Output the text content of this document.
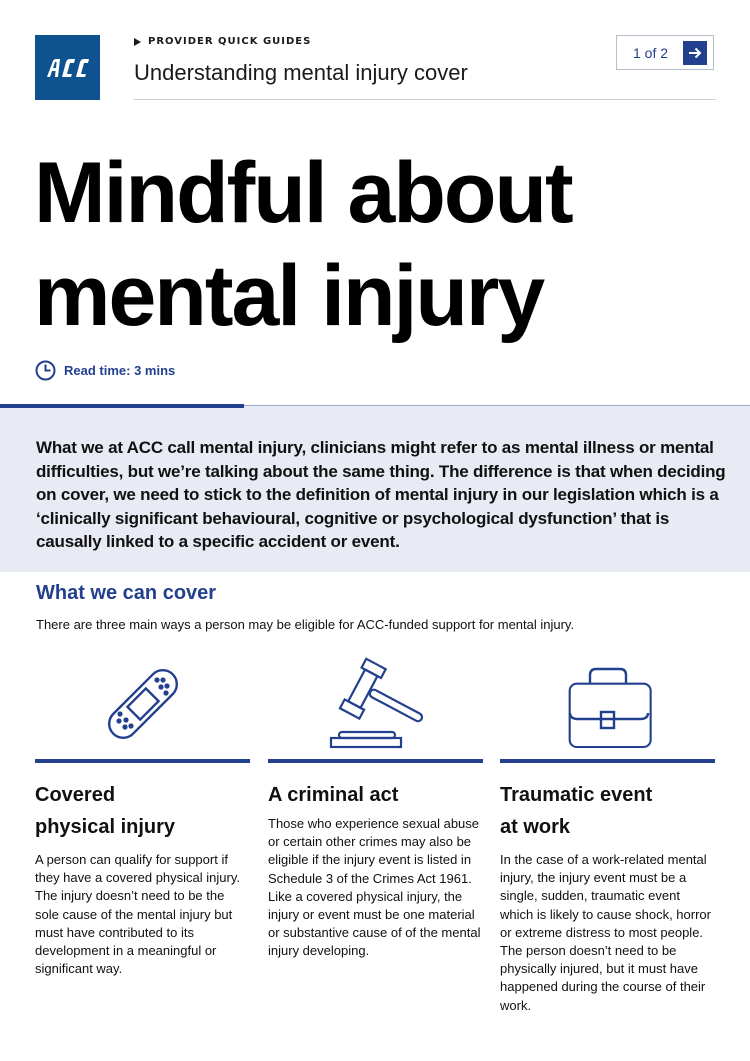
PROVIDER QUICK GUIDES
Understanding mental injury cover
1 of 2
Mindful about
mental injury
Read time: 3 mins

What we at ACC call mental injury, clinicians might refer to as mental illness or mental difficulties, but we’re talking about the same thing. The difference is that when deciding on cover, we need to stick to the definition of mental injury in our legislation which is a ‘clinically significant behavioural, cognitive or psychological dysfunction’ that is causally linked to a specific accident or event.

What we can cover

There are three main ways a person may be eligible for ACC-funded support for mental injury.

Covered
physical injury

A person can qualify for support if they have a covered physical injury. The injury doesn’t need to be the sole cause of the mental injury but must have contributed to its development in a meaningful or significant way.

A criminal act

Those who experience sexual abuse or certain other crimes may also be eligible if the injury event is listed in Schedule 3 of the Crimes Act 1961. Like a covered physical injury, the injury or event must be one material or substantive cause of of the mental injury developing.

Traumatic event
at work

In the case of a work-related mental injury, the injury event must be a single, sudden, traumatic event which is likely to cause shock, horror or extreme distress to most people. The person doesn’t need to be physically injured, but it must have happened during the course of their work.
